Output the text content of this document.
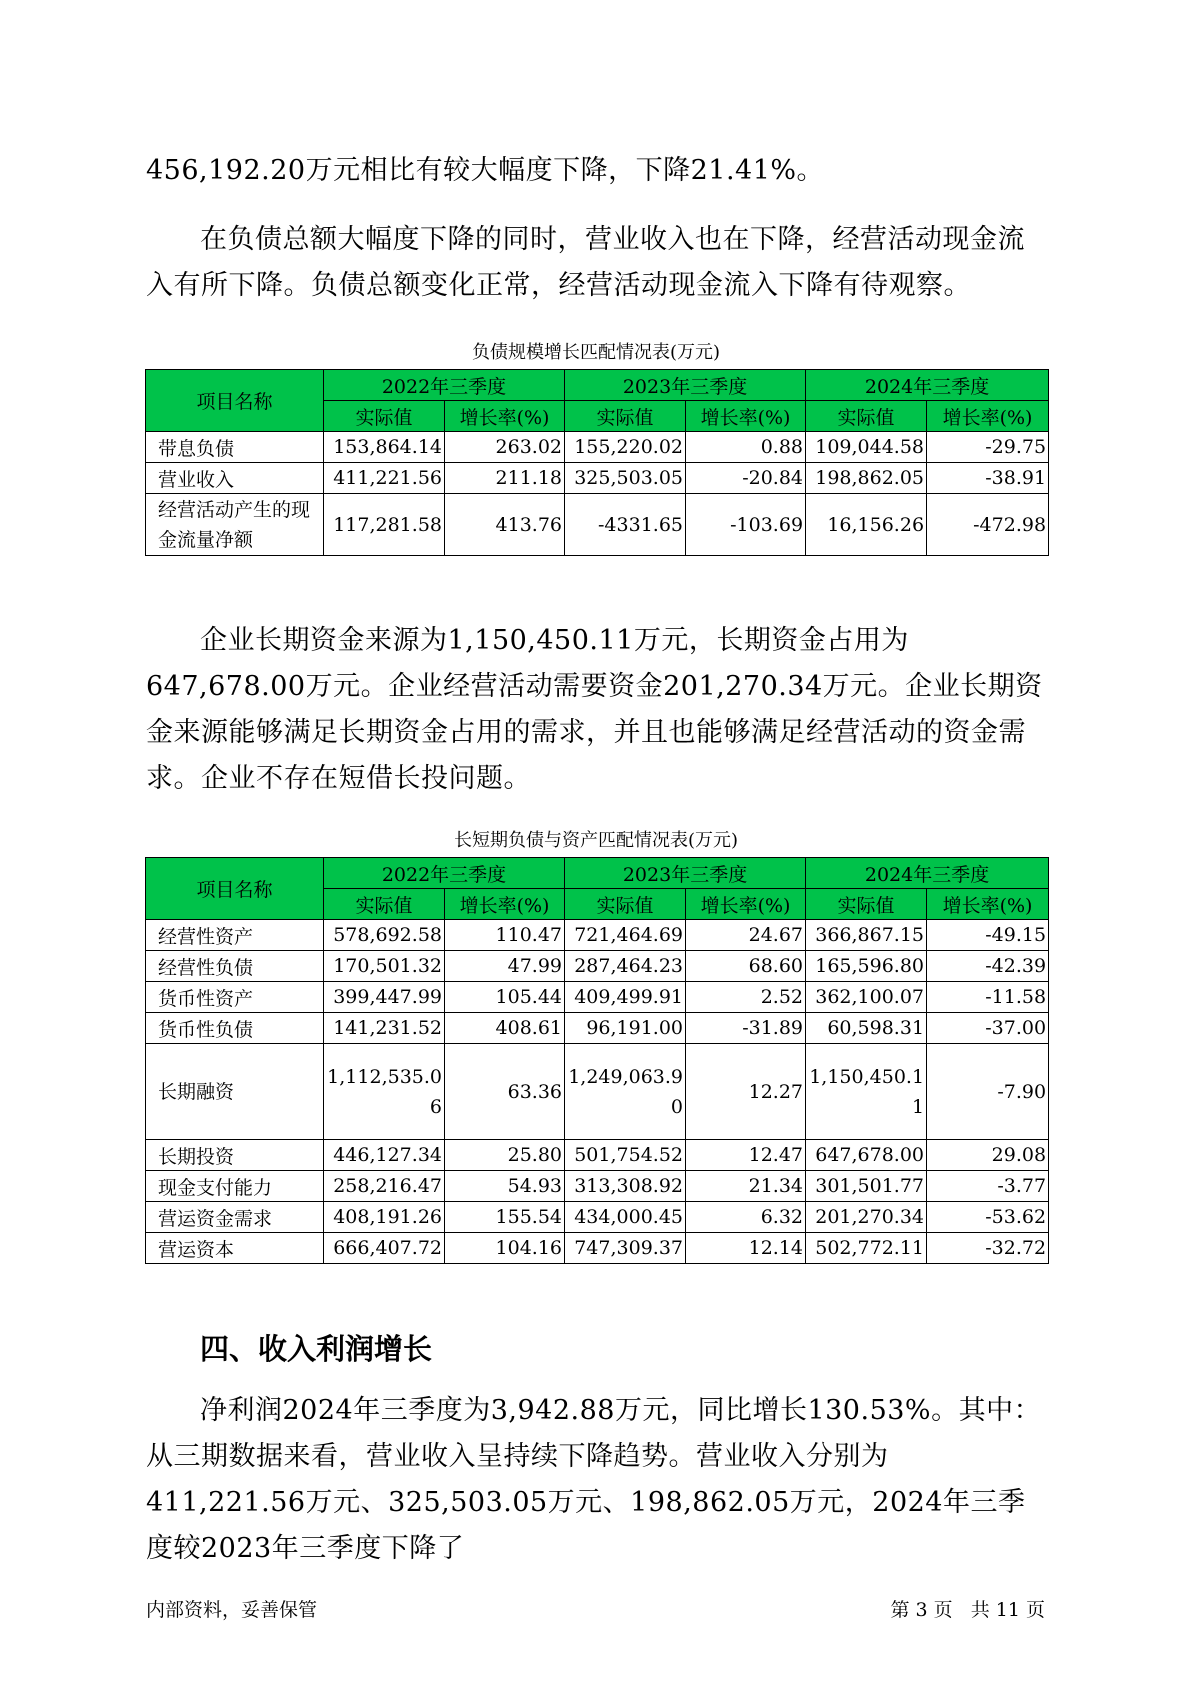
456,192.20万元相比有较大幅度下降，下降21.41%。

在负债总额大幅度下降的同时，营业收入也在下降，经营活动现金流入有所下降。负债总额变化正常，经营活动现金流入下降有待观察。

负债规模增长匹配情况表(万元)
项目名称	2022年三季度		2023年三季度		2024年三季度	
	实际值	增长率(%)	实际值	增长率(%)	实际值	增长率(%)
带息负债	153,864.14	263.02	155,220.02	0.88	109,044.58	-29.75
营业收入	411,221.56	211.18	325,503.05	-20.84	198,862.05	-38.91
经营活动产生的现金流量净额	117,281.58	413.76	-4331.65	-103.69	16,156.26	-472.98

企业长期资金来源为1,150,450.11万元，长期资金占用为647,678.00万元。企业经营活动需要资金201,270.34万元。企业长期资金来源能够满足长期资金占用的需求，并且也能够满足经营活动的资金需求。企业不存在短借长投问题。

长短期负债与资产匹配情况表(万元)
项目名称	2022年三季度		2023年三季度		2024年三季度	
	实际值	增长率(%)	实际值	增长率(%)	实际值	增长率(%)
经营性资产	578,692.58	110.47	721,464.69	24.67	366,867.15	-49.15
经营性负债	170,501.32	47.99	287,464.23	68.60	165,596.80	-42.39
货币性资产	399,447.99	105.44	409,499.91	2.52	362,100.07	-11.58
货币性负债	141,231.52	408.61	96,191.00	-31.89	60,598.31	-37.00
长期融资	1,112,535.06	63.36	1,249,063.90	12.27	1,150,450.11	-7.90
长期投资	446,127.34	25.80	501,754.52	12.47	647,678.00	29.08
现金支付能力	258,216.47	54.93	313,308.92	21.34	301,501.77	-3.77
营运资金需求	408,191.26	155.54	434,000.45	6.32	201,270.34	-53.62
营运资本	666,407.72	104.16	747,309.37	12.14	502,772.11	-32.72
四、收入利润增长

净利润2024年三季度为3,942.88万元，同比增长130.53%。其中：从三期数据来看，营业收入呈持续下降趋势。营业收入分别为411,221.56万元、325,503.05万元、198,862.05万元，2024年三季度较2023年三季度下降了

内部资料，妥善保管	第 3 页   共 11 页
